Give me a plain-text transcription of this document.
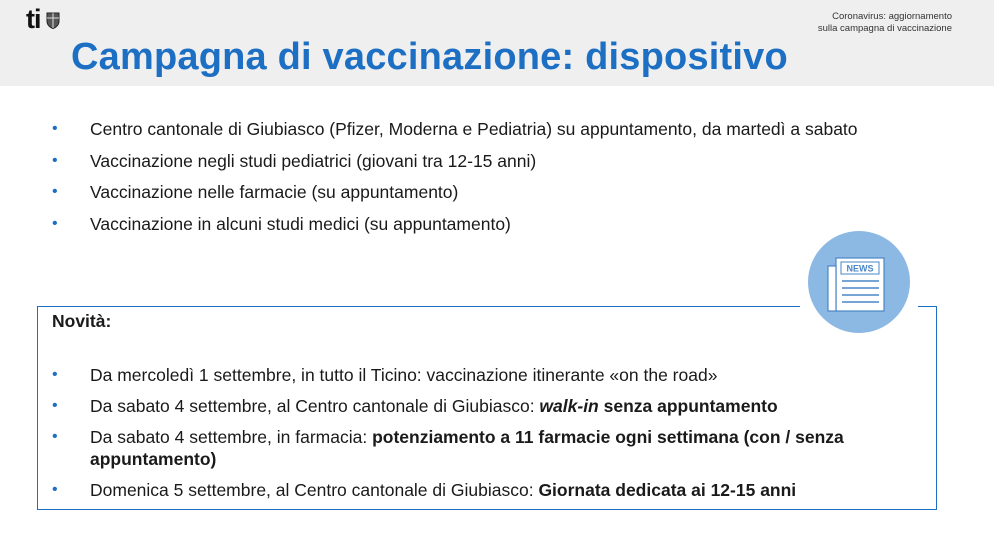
ti	Coronavirus: aggiornamento
sulla campagna di vaccinazione
Campagna di vaccinazione: dispositivo
• Centro cantonale di Giubiasco (Pfizer, Moderna e Pediatria) su appuntamento, da martedì a sabato
• Vaccinazione negli studi pediatrici (giovani tra 12-15 anni)
• Vaccinazione nelle farmacie (su appuntamento)
• Vaccinazione in alcuni studi medici (su appuntamento)
NEWS

Novità:

• Da mercoledì 1 settembre, in tutto il Ticino: vaccinazione itinerante «on the road»
• Da sabato 4 settembre, al Centro cantonale di Giubiasco: walk-in senza appuntamento
• Da sabato 4 settembre, in farmacia: potenziamento a 11 farmacie ogni settimana (con / senza appuntamento)
• Domenica 5 settembre, al Centro cantonale di Giubiasco: Giornata dedicata ai 12-15 anni
